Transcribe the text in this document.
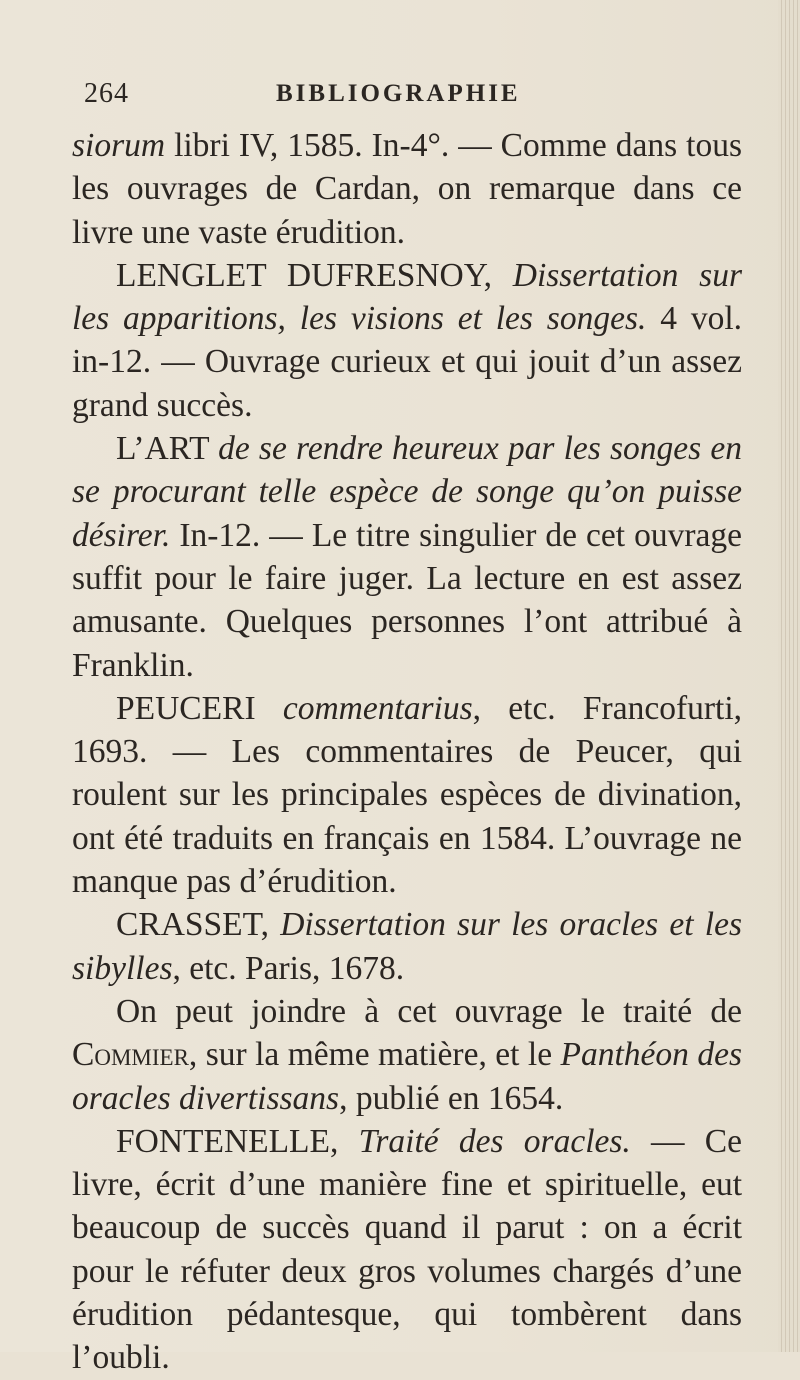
264	BIBLIOGRAPHIE

siorum libri IV, 1585. In-4°. — Comme dans tous les ouvrages de Cardan, on remarque dans ce livre une vaste érudition.

LENGLET DUFRESNOY, Dissertation sur les apparitions, les visions et les songes. 4 vol. in-12. — Ouvrage curieux et qui jouit d’un assez grand succès.

L’ART de se rendre heureux par les songes en se procurant telle espèce de songe qu’on puisse désirer. In-12. — Le titre singulier de cet ouvrage suffit pour le faire juger. La lecture en est assez amusante. Quelques personnes l’ont attribué à Franklin.

PEUCERI commentarius, etc. Francofurti, 1693. — Les commentaires de Peucer, qui roulent sur les principales espèces de divination, ont été traduits en français en 1584. L’ouvrage ne manque pas d’érudition.

CRASSET, Dissertation sur les oracles et les sibylles, etc. Paris, 1678.

On peut joindre à cet ouvrage le traité de Commier, sur la même matière, et le Panthéon des oracles divertissans, publié en 1654.

FONTENELLE, Traité des oracles. — Ce livre, écrit d’une manière fine et spirituelle, eut beaucoup de succès quand il parut : on a écrit pour le réfuter deux gros volumes chargés d’une érudition pédantesque, qui tombèrent dans l’oubli.
